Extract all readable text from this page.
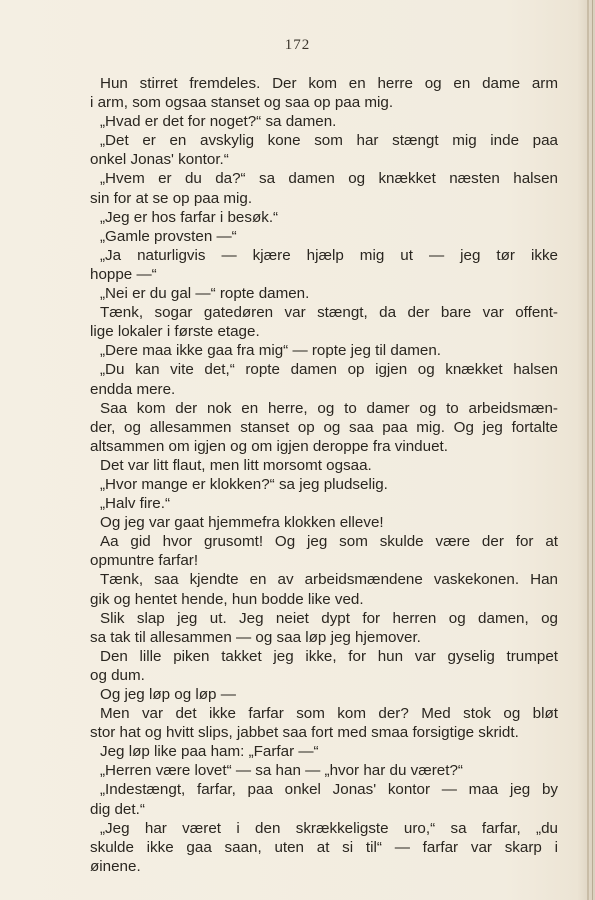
172
Hun stirret fremdeles. Der kom en herre og en dame arm
i arm, som ogsaa stanset og saa op paa mig.
„Hvad er det for noget?“ sa damen.
„Det er en avskylig kone som har stængt mig inde paa
onkel Jonas' kontor.“
„Hvem er du da?“ sa damen og knækket næsten halsen
sin for at se op paa mig.
„Jeg er hos farfar i besøk.“
„Gamle provsten —“
„Ja naturligvis — kjære hjælp mig ut — jeg tør ikke
hoppe —“
„Nei er du gal —“ ropte damen.
Tænk, sogar gatedøren var stængt, da der bare var offent-
lige lokaler i første etage.
„Dere maa ikke gaa fra mig“ — ropte jeg til damen.
„Du kan vite det,“ ropte damen op igjen og knækket halsen
endda mere.
Saa kom der nok en herre, og to damer og to arbeidsmæn-
der, og allesammen stanset op og saa paa mig. Og jeg fortalte
altsammen om igjen og om igjen deroppe fra vinduet.
Det var litt flaut, men litt morsomt ogsaa.
„Hvor mange er klokken?“ sa jeg pludselig.
„Halv fire.“
Og jeg var gaat hjemmefra klokken elleve!
Aa gid hvor grusomt! Og jeg som skulde være der for at
opmuntre farfar!
Tænk, saa kjendte en av arbeidsmændene vaskekonen. Han
gik og hentet hende, hun bodde like ved.
Slik slap jeg ut. Jeg neiet dypt for herren og damen, og
sa tak til allesammen — og saa løp jeg hjemover.
Den lille piken takket jeg ikke, for hun var gyselig trumpet
og dum.
Og jeg løp og løp —
Men var det ikke farfar som kom der? Med stok og bløt
stor hat og hvitt slips, jabbet saa fort med smaa forsigtige skridt.
Jeg løp like paa ham: „Farfar —“
„Herren være lovet“ — sa han — „hvor har du været?“
„Indestængt, farfar, paa onkel Jonas' kontor — maa jeg by
dig det.“
„Jeg har været i den skrækkeligste uro,“ sa farfar, „du
skulde ikke gaa saan, uten at si til“ — farfar var skarp i
øinene.
